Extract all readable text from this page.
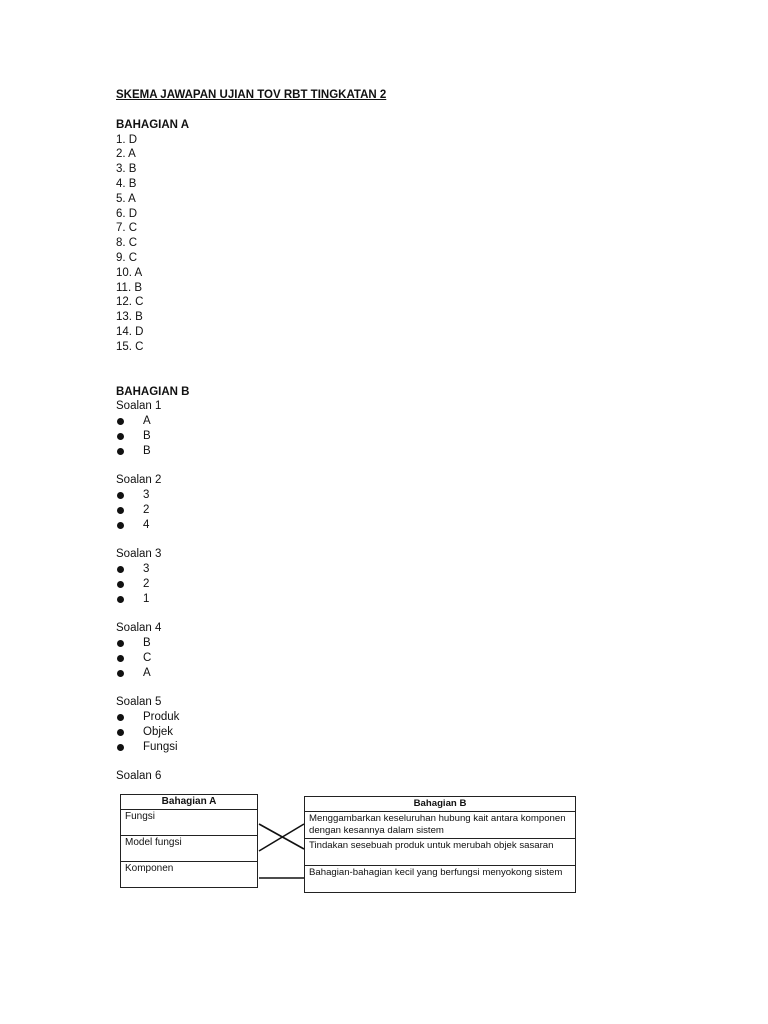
SKEMA JAWAPAN UJIAN TOV RBT TINGKATAN 2
BAHAGIAN A
1. D
2. A
3. B
4. B
5. A
6. D
7. C
8. C
9. C
10. A
11. B
12. C
13. B
14. D
15. C
BAHAGIAN B
Soalan 1
A
B
B
Soalan 2
3
2
4
Soalan 3
3
2
1
Soalan 4
B
C
A
Soalan 5
Produk
Objek
Fungsi
Soalan 6
Bahagian A
Fungsi
Model fungsi
Komponen
Bahagian B
Menggambarkan keseluruhan hubung kait antara komponen dengan kesannya dalam sistem
Tindakan sesebuah produk untuk merubah objek sasaran
Bahagian-bahagian kecil yang berfungsi menyokong sistem
